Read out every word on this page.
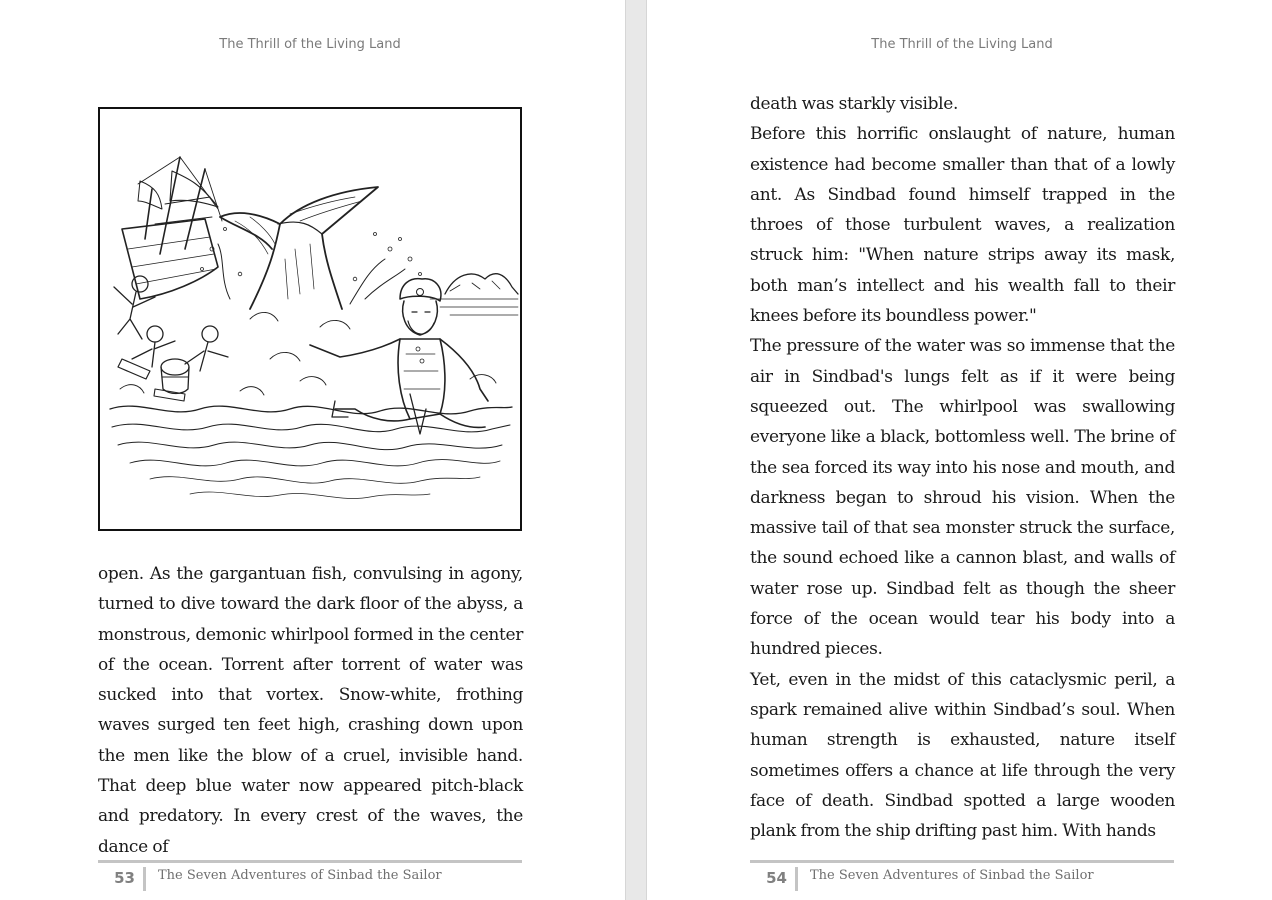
The Thrill of the Living Land

open. As the gargantuan fish, convulsing in agony, turned to dive toward the dark floor of the abyss, a monstrous, demonic whirlpool formed in the center of the ocean. Torrent after torrent of water was sucked into that vortex. Snow-white, frothing waves surged ten feet high, crashing down upon the men like the blow of a cruel, invisible hand. That deep blue water now appeared pitch-black and predatory. In every crest of the waves, the dance of

53	The Seven Adventures of Sinbad the Sailor
The Thrill of the Living Land

death was starkly visible.

Before this horrific onslaught of nature, human existence had become smaller than that of a lowly ant. As Sindbad found himself trapped in the throes of those turbulent waves, a realization struck him: "When nature strips away its mask, both man’s intellect and his wealth fall to their knees before its boundless power."

The pressure of the water was so immense that the air in Sindbad's lungs felt as if it were being squeezed out. The whirlpool was swallowing everyone like a black, bottomless well. The brine of the sea forced its way into his nose and mouth, and darkness began to shroud his vision. When the massive tail of that sea monster struck the surface, the sound echoed like a cannon blast, and walls of water rose up. Sindbad felt as though the sheer force of the ocean would tear his body into a hundred pieces.

Yet, even in the midst of this cataclysmic peril, a spark remained alive within Sindbad’s soul. When human strength is exhausted, nature itself sometimes offers a chance at life through the very face of death. Sindbad spotted a large wooden plank from the ship drifting past him. With hands

54	The Seven Adventures of Sinbad the Sailor
